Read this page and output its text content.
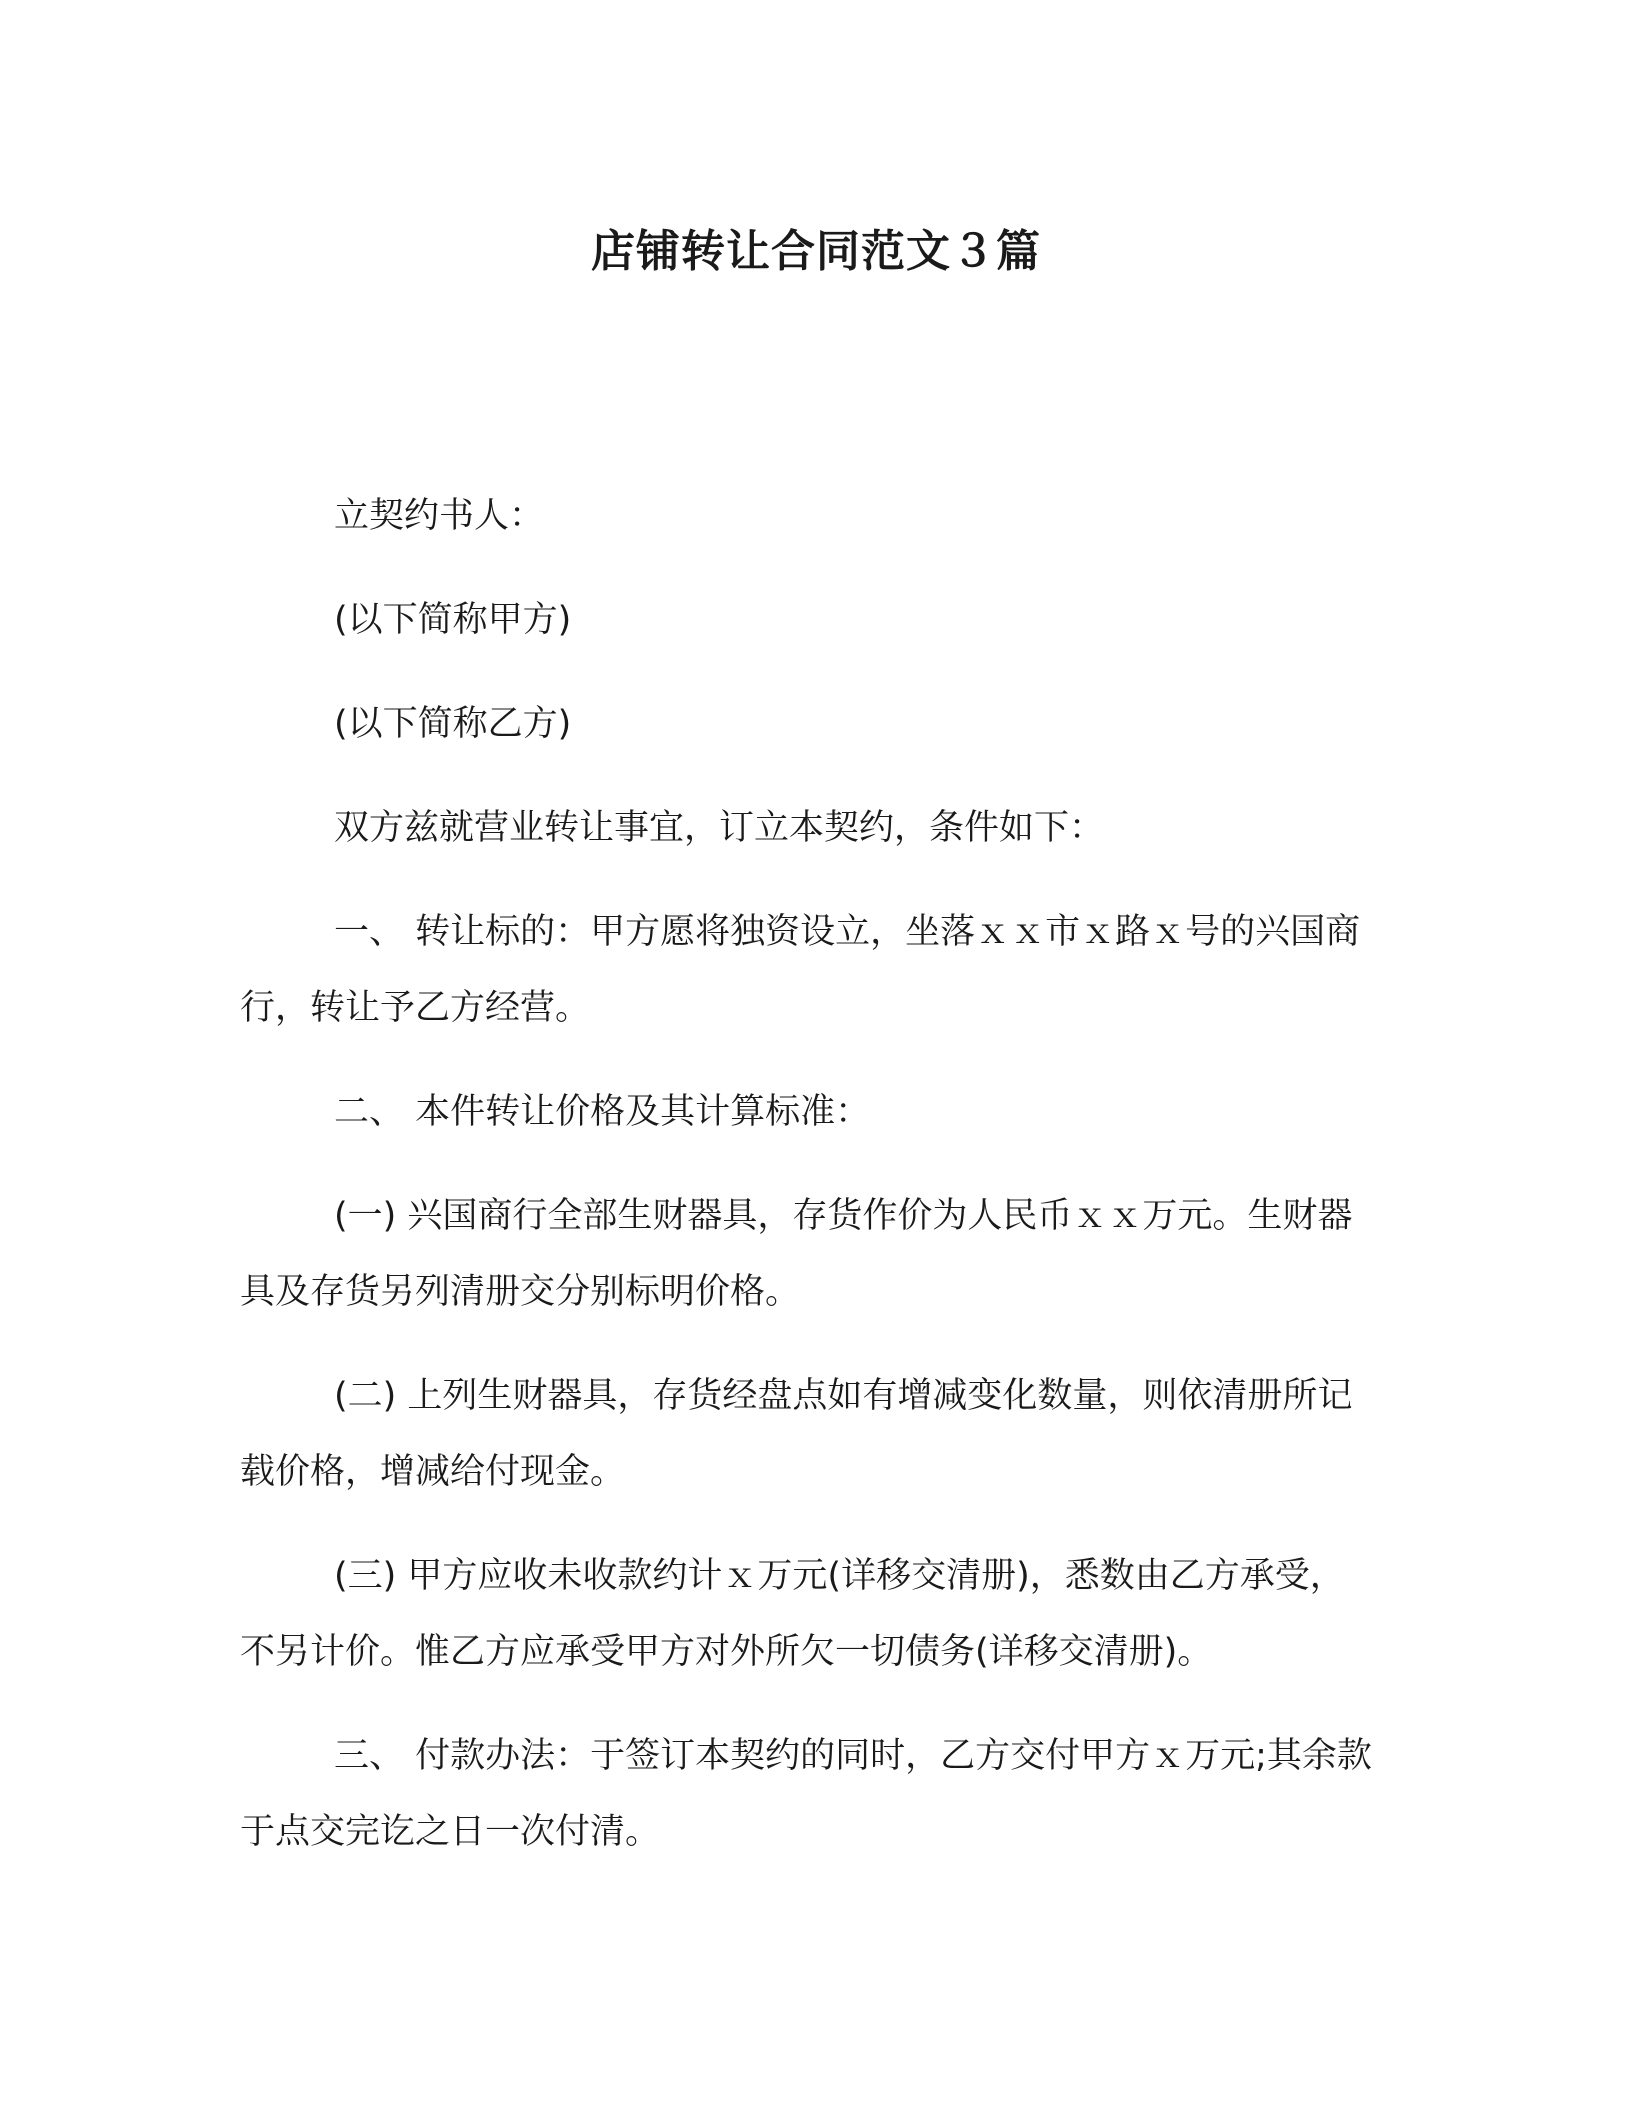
店铺转让合同范文３篇

立契约书人：

(以下简称甲方)

(以下简称乙方)

双方兹就营业转让事宜，订立本契约，条件如下：

一、 转让标的：甲方愿将独资设立，坐落ｘｘ市ｘ路ｘ号的兴国商行，转让予乙方经营。

二、 本件转让价格及其计算标准：

(一) 兴国商行全部生财器具，存货作价为人民币ｘｘ万元。生财器具及存货另列清册交分别标明价格。

(二) 上列生财器具，存货经盘点如有增减变化数量，则依清册所记载价格，增减给付现金。

(三) 甲方应收未收款约计ｘ万元(详移交清册)，悉数由乙方承受，不另计价。惟乙方应承受甲方对外所欠一切债务(详移交清册)。

三、 付款办法：于签订本契约的同时，乙方交付甲方ｘ万元;其余款于点交完讫之日一次付清。
